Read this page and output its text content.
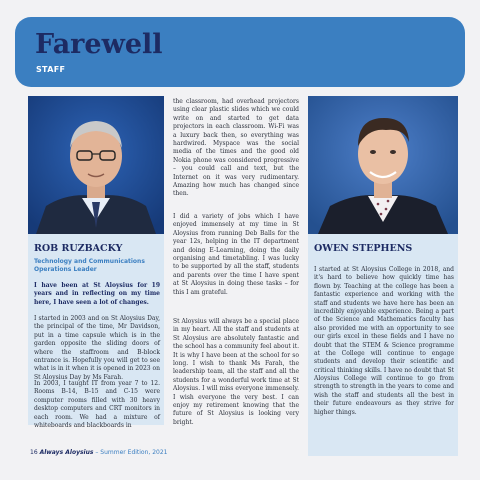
Farewell
STAFF
ROB RUZBACKY
Technology and Communications Operations Leader

I have been at St Aloysius for 19 years and in reflecting on my time here, I have seen a lot of changes.

I started in 2003 and on St Aloysius Day, the principal of the time, Mr Davidson, put in a time capsule which is in the garden opposite the sliding doors of where the staffroom and B-block entrance is. Hopefully you will get to see what is in it when it is opened in 2023 on St Aloysius Day by Ms Farah.

In 2003, I taught IT from year 7 to 12. Rooms B-14, B-15 and C-15 were computer rooms filled with 30 heavy desktop computers and CRT monitors in each room. We had a mixture of whiteboards and blackboards in

the classroom, had overhead projectors using clear plastic slides which we could write on and started to get data projectors in each classroom. Wi-Fi was a luxury back then, so everything was hardwired. Myspace was the social media of the times and the good old Nokia phone was considered progressive – you could call and text, but the Internet on it was very rudimentary. Amazing how much has changed since then.

I did a variety of jobs which I have enjoyed immensely at my time in St Aloysius from running Deb Balls for the year 12s, helping in the IT department and doing E-Learning, doing the daily organising and timetabling. I was lucky to be supported by all the staff, students and parents over the time I have spent at St Aloysius in doing these tasks – for this I am grateful.

St Aloysius will always be a special place in my heart. All the staff and students at St Aloysius are absolutely fantastic and the school has a community feel about it. It is why I have been at the school for so long. I wish to thank Ms Farah, the leadership team, all the staff and all the students for a wonderful work time at St Aloysius. I will miss everyone immensely. I wish everyone the very best. I can enjoy my retirement knowing that the future of St Aloysius is looking very bright.

OWEN STEPHENS

I started at St Aloysius College in 2018, and it's hard to believe how quickly time has flown by. Teaching at the college has been a fantastic experience and working with the staff and students we have here has been an incredibly enjoyable experience. Being a part of the Science and Mathematics faculty has also provided me with an opportunity to see our girls excel in these fields and I have no doubt that the STEM & Science programme at the College will continue to engage students and develop their scientific and critical thinking skills. I have no doubt that St Aloysius College will continue to go from strength to strength in the years to come and wish the staff and students all the best in their future endeavours as they strive for higher things.

16 Always Aloysius – Summer Edition, 2021
